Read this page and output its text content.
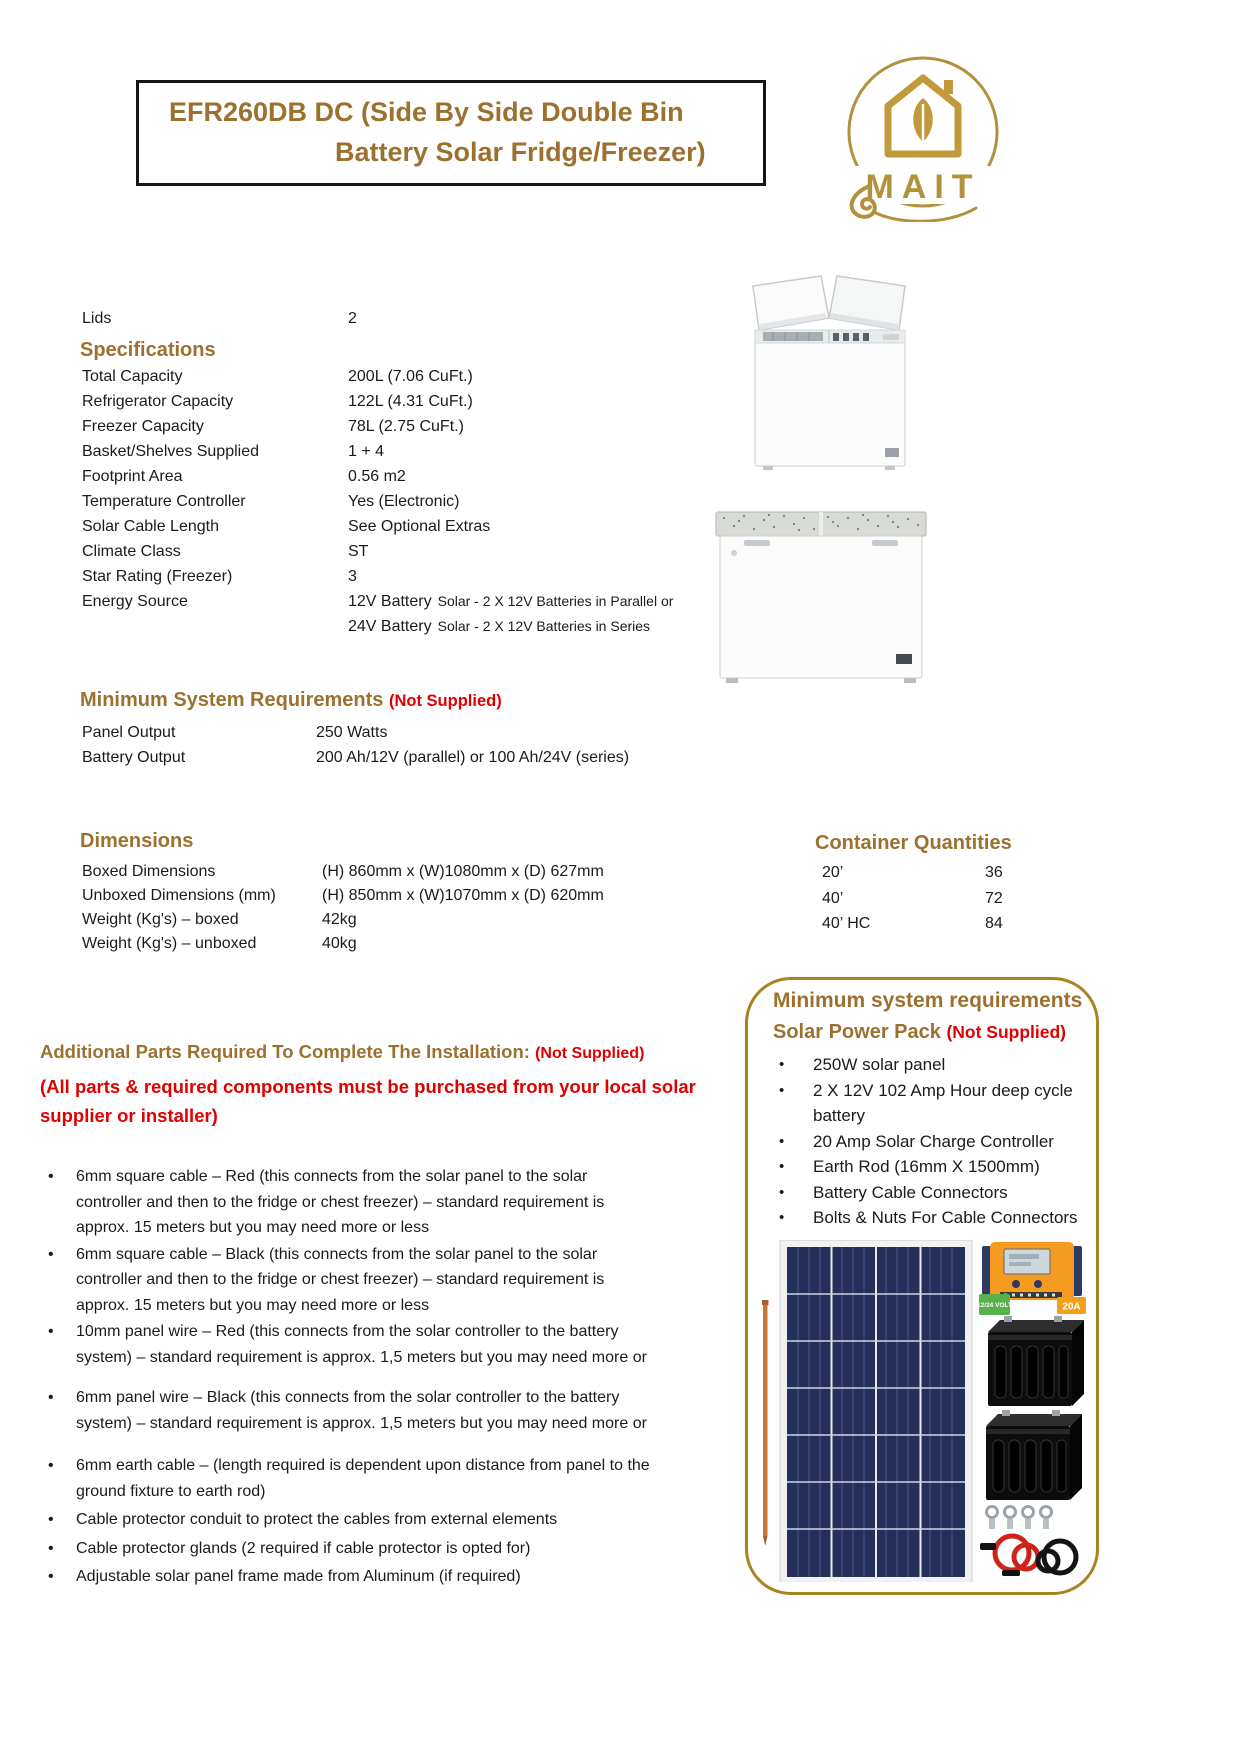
EFR260DB DC (Side By Side Double Bin
Battery Solar Fridge/Freezer)
MAIT
Lids	2
Specifications
Total Capacity	200L (7.06 CuFt.)
Refrigerator Capacity	122L (4.31 CuFt.)
Freezer Capacity	78L (2.75 CuFt.)
Basket/Shelves Supplied	1 + 4
Footprint Area	0.56 m2
Temperature Controller	Yes (Electronic)
Solar Cable Length	See Optional Extras
Climate Class	ST
Star Rating (Freezer)	3
Energy Source	12V Battery Solar - 2 X 12V Batteries in Parallel or
24V Battery Solar - 2 X 12V Batteries in Series
Minimum System Requirements (Not Supplied)
Panel Output	250 Watts
Battery Output	200 Ah/12V (parallel) or 100 Ah/24V (series)
Dimensions
Boxed Dimensions	(H) 860mm x (W)1080mm x (D) 627mm
Unboxed Dimensions (mm)	(H) 850mm x (W)1070mm x (D) 620mm
Weight (Kg's) – boxed	42kg
Weight (Kg's) – unboxed	40kg
Container Quantities
20’	36
40’	72
40’ HC	84
Additional Parts Required To Complete The Installation: (Not Supplied)
(All parts & required components must be purchased from your local solar
supplier or installer)
• 6mm square cable – Red (this connects from the solar panel to the solar controller and then to the fridge or chest freezer) – standard requirement is approx. 15 meters but you may need more or less
• 6mm square cable – Black (this connects from the solar panel to the solar controller and then to the fridge or chest freezer) – standard requirement is approx. 15 meters but you may need more or less
• 10mm panel wire – Red (this connects from the solar controller to the battery system) – standard requirement is approx. 1,5 meters but you may need more or
• 6mm panel wire – Black (this connects from the solar controller to the battery system) – standard requirement is approx. 1,5 meters but you may need more or
• 6mm earth cable – (length required is dependent upon distance from panel to the ground fixture to earth rod)
• Cable protector conduit to protect the cables from external elements
• Cable protector glands (2 required if cable protector is opted for)
• Adjustable solar panel frame made from Aluminum (if required)
Minimum system requirements
Solar Power Pack (Not Supplied)
• 250W solar panel
• 2 X 12V 102 Amp Hour deep cycle battery
• 20 Amp Solar Charge Controller
• Earth Rod (16mm X 1500mm)
• Battery Cable Connectors
• Bolts & Nuts For Cable Connectors
12/24 VOLT	20A
